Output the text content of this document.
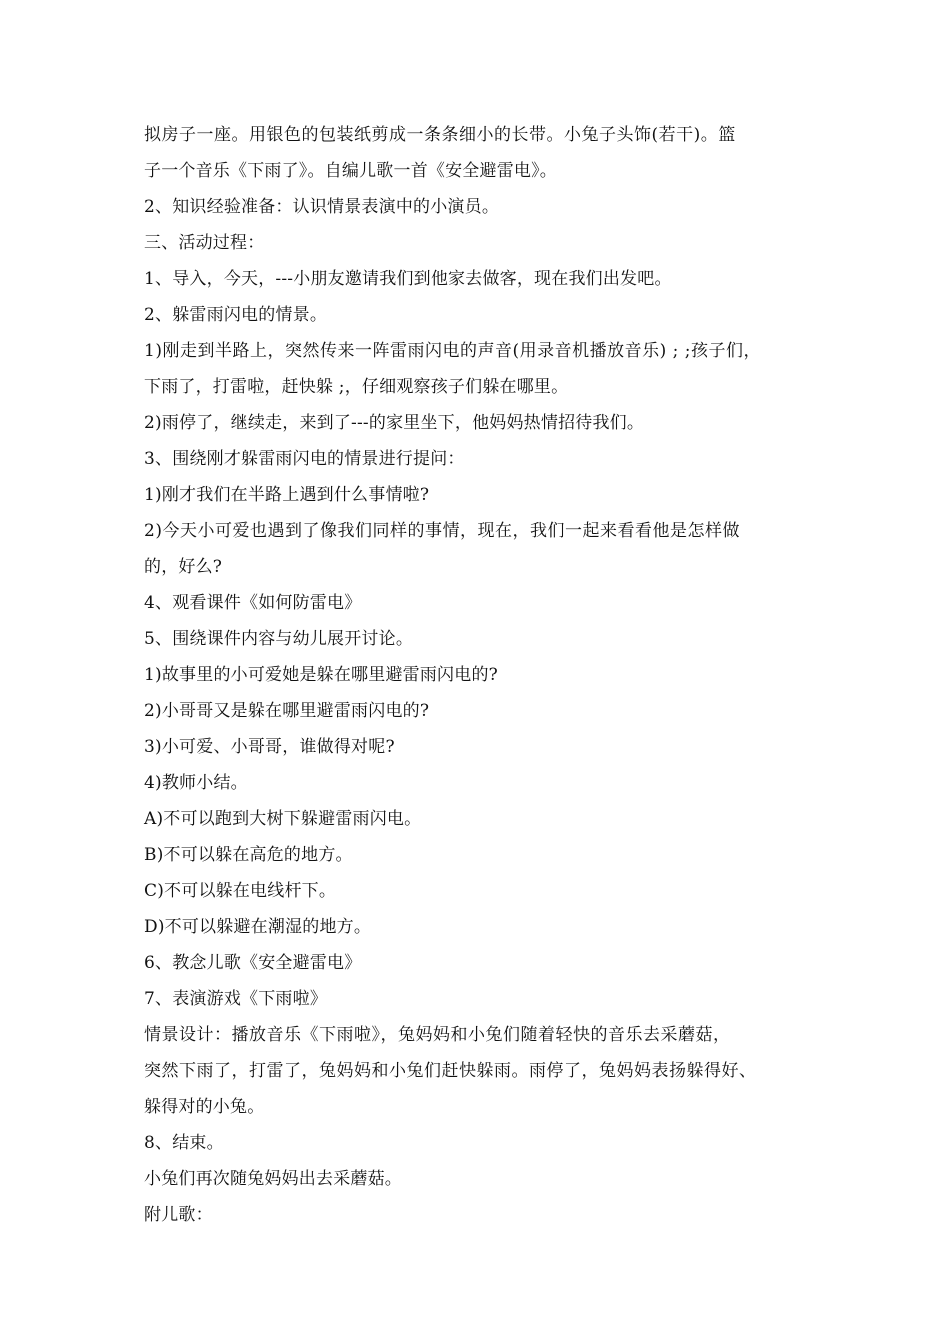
拟房子一座。用银色的包装纸剪成一条条细小的长带。小兔子头饰(若干)。篮
子一个音乐《下雨了》。自编儿歌一首《安全避雷电》。
2、知识经验准备：认识情景表演中的小演员。
三、活动过程：
1、导入，今天，---小朋友邀请我们到他家去做客，现在我们出发吧。
2、躲雷雨闪电的情景。
1)刚走到半路上，突然传来一阵雷雨闪电的声音(用录音机播放音乐) ; ;孩子们，
下雨了，打雷啦，赶快躲 ;，仔细观察孩子们躲在哪里。
2)雨停了，继续走，来到了---的家里坐下，他妈妈热情招待我们。
3、围绕刚才躲雷雨闪电的情景进行提问：
1)刚才我们在半路上遇到什么事情啦?
2)今天小可爱也遇到了像我们同样的事情，现在，我们一起来看看他是怎样做
的，好么?
4、观看课件《如何防雷电》
5、围绕课件内容与幼儿展开讨论。
1)故事里的小可爱她是躲在哪里避雷雨闪电的?
2)小哥哥又是躲在哪里避雷雨闪电的?
3)小可爱、小哥哥，谁做得对呢?
4)教师小结。
A)不可以跑到大树下躲避雷雨闪电。
B)不可以躲在高危的地方。
C)不可以躲在电线杆下。
D)不可以躲避在潮湿的地方。
6、教念儿歌《安全避雷电》
7、表演游戏《下雨啦》
情景设计：播放音乐《下雨啦》，兔妈妈和小兔们随着轻快的音乐去采蘑菇，
突然下雨了，打雷了，兔妈妈和小兔们赶快躲雨。雨停了，兔妈妈表扬躲得好、
躲得对的小兔。
8、结束。
小兔们再次随兔妈妈出去采蘑菇。
附儿歌：
